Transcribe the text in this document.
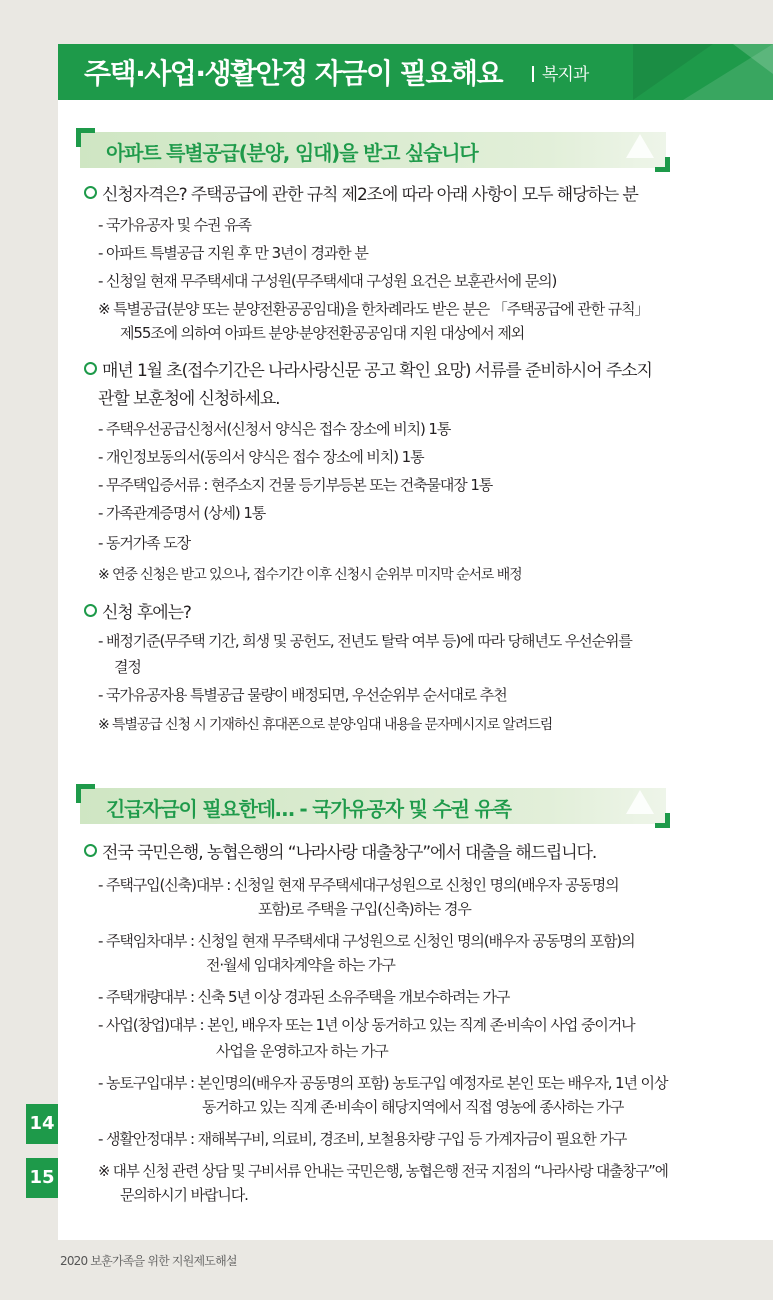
주택·사업·생활안정 자금이 필요해요	복지과
아파트 특별공급(분양, 임대)을 받고 싶습니다
신청자격은? 주택공급에 관한 규칙 제2조에 따라 아래 사항이 모두 해당하는 분
- 국가유공자 및 수권 유족
- 아파트 특별공급 지원 후 만 3년이 경과한 분
- 신청일 현재 무주택세대 구성원(무주택세대 구성원 요건은 보훈관서에 문의)
※ 특별공급(분양 또는 분양전환공공임대)을 한차례라도 받은 분은 「주택공급에 관한 규칙」
제55조에 의하여 아파트 분양·분양전환공공임대 지원 대상에서 제외
매년 1월 초(접수기간은 나라사랑신문 공고 확인 요망) 서류를 준비하시어 주소지
관할 보훈청에 신청하세요.
- 주택우선공급신청서(신청서 양식은 접수 장소에 비치) 1통
- 개인정보동의서(동의서 양식은 접수 장소에 비치) 1통
- 무주택입증서류 : 현주소지 건물 등기부등본 또는 건축물대장 1통
- 가족관계증명서 (상세) 1통
- 동거가족 도장
※ 연중 신청은 받고 있으나, 접수기간 이후 신청시 순위부 미지막 순서로 배정
신청 후에는?
- 배정기준(무주택 기간, 희생 및 공헌도, 전년도 탈락 여부 등)에 따라 당해년도 우선순위를
결정
- 국가유공자용 특별공급 물량이 배정되면, 우선순위부 순서대로 추천
※ 특별공급 신청 시 기재하신 휴대폰으로 분양·임대 내용을 문자메시지로 알려드림
긴급자금이 필요한데… - 국가유공자 및 수권 유족
전국 국민은행, 농협은행의 “나라사랑 대출창구”에서 대출을 해드립니다.
- 주택구입(신축)대부 : 신청일 현재 무주택세대구성원으로 신청인 명의(배우자 공동명의
포함)로 주택을 구입(신축)하는 경우
- 주택임차대부 : 신청일 현재 무주택세대 구성원으로 신청인 명의(배우자 공동명의 포함)의
전·월세 임대차계약을 하는 가구
- 주택개량대부 : 신축 5년 이상 경과된 소유주택을 개보수하려는 가구
- 사업(창업)대부 : 본인, 배우자 또는 1년 이상 동거하고 있는 직계 존·비속이 사업 중이거나
사업을 운영하고자 하는 가구
- 농토구입대부 : 본인명의(배우자 공동명의 포함) 농토구입 예정자로 본인 또는 배우자, 1년 이상
동거하고 있는 직계 존·비속이 해당지역에서 직접 영농에 종사하는 가구
- 생활안정대부 : 재해복구비, 의료비, 경조비, 보철용차량 구입 등 가계자금이 필요한 가구
※ 대부 신청 관련 상담 및 구비서류 안내는 국민은행, 농협은행 전국 지점의 “나라사랑 대출창구”에
문의하시기 바랍니다.
14
15
2020 보훈가족을 위한 지원제도해설
